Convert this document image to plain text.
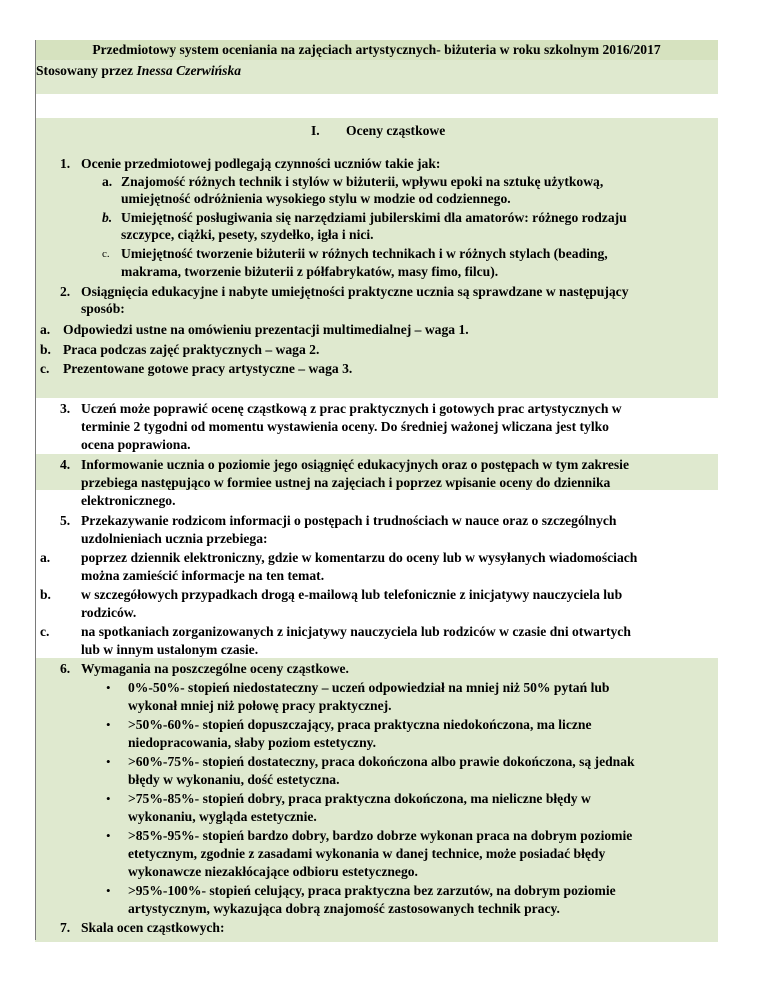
Przedmiotowy system oceniania na zajęciach artystycznych- biżuteria w roku szkolnym 2016/2017
Stosowany przez Inessa Czerwińska
I. Oceny cząstkowe
1. Ocenie przedmiotowej podlegają czynności uczniów takie jak:
a. Znajomość różnych technik i stylów w biżuterii, wpływu epoki na sztukę użytkową,
umiejętność odróżnienia wysokiego stylu w modzie od codziennego.
b. Umiejętność posługiwania się narzędziami jubilerskimi dla amatorów: różnego rodzaju
szczypce, ciążki, pesety, szydełko, igła i nici.
c. Umiejętność tworzenie biżuterii w różnych technikach i w różnych stylach (beading,
makrama, tworzenie biżuterii z półfabrykatów, masy fimo, filcu).
2. Osiągnięcia edukacyjne i nabyte umiejętności praktyczne ucznia są sprawdzane w następujący
sposób:
a. Odpowiedzi ustne na omówieniu prezentacji multimedialnej – waga 1.
b. Praca podczas zajęć praktycznych – waga 2.
c. Prezentowane gotowe pracy artystyczne – waga 3.
3. Uczeń może poprawić ocenę cząstkową z prac praktycznych i gotowych prac artystycznych w
terminie 2 tygodni od momentu wystawienia oceny. Do średniej ważonej wliczana jest tylko
ocena poprawiona.
4. Informowanie ucznia o poziomie jego osiągnięć edukacyjnych oraz o postępach w tym zakresie
przebiega następująco w formiee ustnej na zajęciach i poprzez wpisanie oceny do dziennika
elektronicznego.
5. Przekazywanie rodzicom informacji o postępach i trudnościach w nauce oraz o szczególnych
uzdolnieniach ucznia przebiega:
a. poprzez dziennik elektroniczny, gdzie w komentarzu do oceny lub w wysyłanych wiadomościach
można zamieścić informacje na ten temat.
b. w szczegółowych przypadkach drogą e-mailową lub telefonicznie z inicjatywy nauczyciela lub
rodziców.
c. na spotkaniach zorganizowanych z inicjatywy nauczyciela lub rodziców w czasie dni otwartych
lub w innym ustalonym czasie.
6. Wymagania na poszczególne oceny cząstkowe.
• 0%-50%- stopień niedostateczny – uczeń odpowiedział na mniej niż 50% pytań lub
wykonał mniej niż połowę pracy praktycznej.
• >50%-60%- stopień dopuszczający, praca praktyczna niedokończona, ma liczne
niedopracowania, słaby poziom estetyczny.
• >60%-75%- stopień dostateczny, praca dokończona albo prawie dokończona, są jednak
błędy w wykonaniu, dość estetyczna.
• >75%-85%- stopień dobry, praca praktyczna dokończona, ma nieliczne błędy w
wykonaniu, wygląda estetycznie.
• >85%-95%- stopień bardzo dobry, bardzo dobrze wykonan praca na dobrym poziomie
etetycznym, zgodnie z zasadami wykonania w danej technice, może posiadać błędy
wykonawcze niezakłócające odbioru estetycznego.
• >95%-100%- stopień celujący, praca praktyczna bez zarzutów, na dobrym poziomie
artystycznym, wykazująca dobrą znajomość zastosowanych technik pracy.
7. Skala ocen cząstkowych:
